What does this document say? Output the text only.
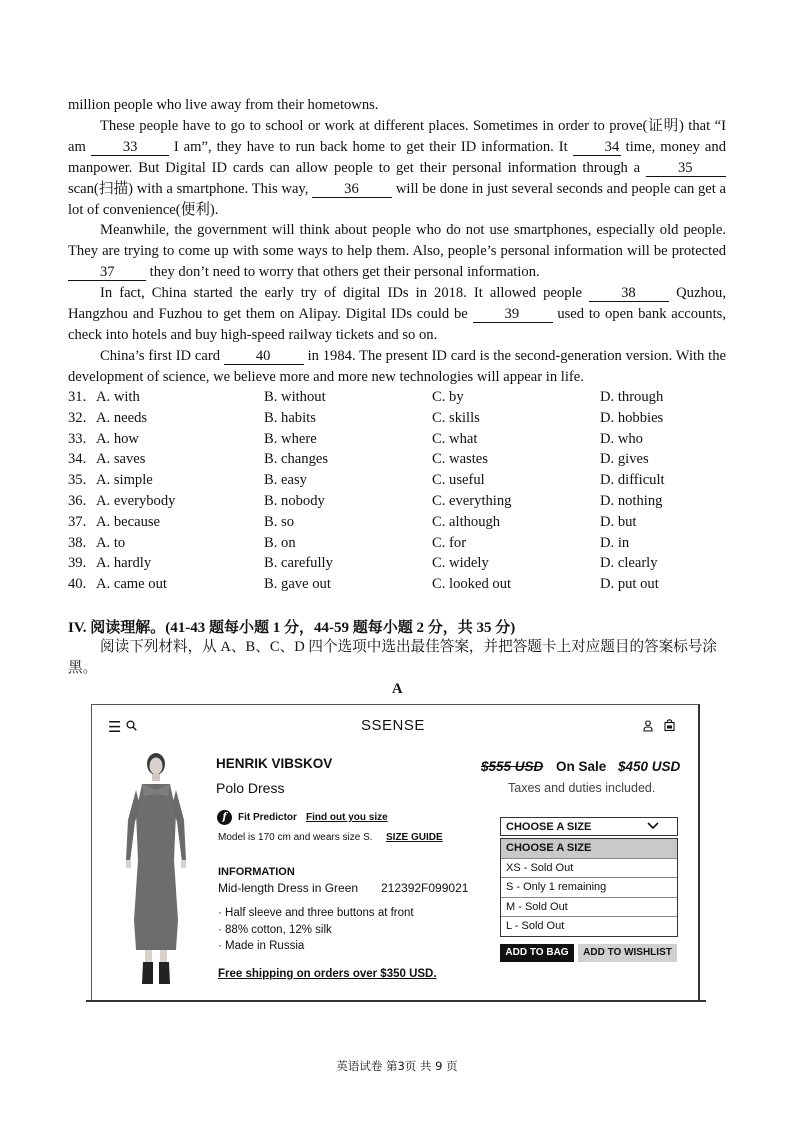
million people who live away from their hometowns.

These people have to go to school or work at different places. Sometimes in order to prove(证明) that “I am 33 I am”, they have to run back home to get their ID information. It 34 time, money and manpower. But Digital ID cards can allow people to get their personal information through a 35 scan(扫描) with a smartphone. This way, 36 will be done in just several seconds and people can get a lot of convenience(便利).

Meanwhile, the government will think about people who do not use smartphones, especially old people. They are trying to come up with some ways to help them. Also, people’s personal information will be protected 37 they don’t need to worry that others get their personal information.

In fact, China started the early try of digital IDs in 2018. It allowed people 38 Quzhou, Hangzhou and Fuzhou to get them on Alipay. Digital IDs could be 39 used to open bank accounts, check into hotels and buy high-speed railway tickets and so on.

China’s first ID card 40 in 1984. The present ID card is the second-generation version. With the development of science, we believe more and more new technologies will appear in life.

31. A. with	B. without	C. by	D. through
32. A. needs	B. habits	C. skills	D. hobbies
33. A. how	B. where	C. what	D. who
34. A. saves	B. changes	C. wastes	D. gives
35. A. simple	B. easy	C. useful	D. difficult
36. A. everybody	B. nobody	C. everything	D. nothing
37. A. because	B. so	C. although	D. but
38. A. to	B. on	C. for	D. in
39. A. hardly	B. carefully	C. widely	D. clearly
40. A. came out	B. gave out	C. looked out	D. put out
IV. 阅读理解。(41-43 题每小题 1 分，44-59 题每小题 2 分，共 35 分)
阅读下列材料，从 A、B、C、D 四个选项中选出最佳答案，并把答题卡上对应题目的答案标号涂黑。
A
☰	SSENSE
HENRIK VIBSKOV
Polo Dress
$555 USD On Sale $450 USD
Taxes and duties included.
f	Fit Predictor Find out you size
Model is 170 cm and wears size S. SIZE GUIDE
INFORMATION
Mid-length Dress in Green 212392F099021
· Half sleeve and three buttons at front
· 88% cotton, 12% silk
· Made in Russia
Free shipping on orders over $350 USD.
CHOOSE A SIZE
CHOOSE A SIZE
XS - Sold Out
S - Only 1 remaining
M - Sold Out
L - Sold Out
ADD TO BAG	ADD TO WISHLIST
英语试卷 第3页 共 9 页
